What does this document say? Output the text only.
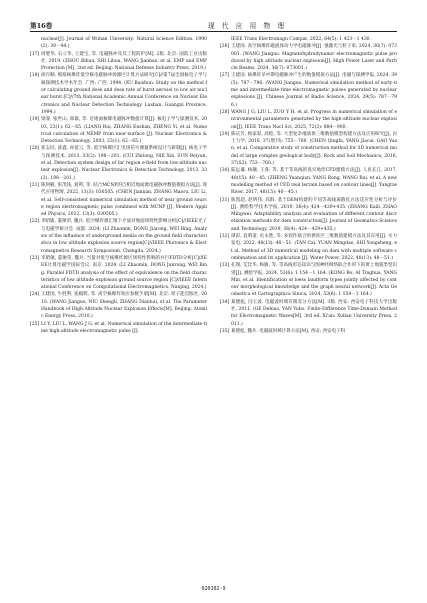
第16卷	现 代 应 用 物 理

nuclear[J]. Journal of Wuhan University: Natural Science Edition. 1990(2): 39－44.)

[17] 周璧华, 石立华, 王建宝, 等. 电磁脉冲及其工程防护[M]. 2版. 北京: 国防工业出版社, 2019. (ZHOU Bihua, SHI Lihua, WANG Jianbao, et al. EMP and EMP Protection [M]. 2nd ed. Beijing: National Defense Industry Press, 2019.)

[18] 徐百顺. 模拟核爆炸低空核电磁脉冲场源区计算方法研究[C]//第7届全国核电子学与核探测技术学术年会. 广西: 广西, 1994. (XU Baishun. Study on the method for calculating ground dose and dose rate of burst aerosol to low air nuclear burst [C]//7th National Academic Annual Conference on Nuclear Electronics and Nuclear Detection Technology. Lushan, Guangxi Province, 1994.)

[19] 梁睿, 张世山, 郑毅, 等. 近地面核爆电磁脉冲数值计算[J]. 核电子学与探测技术, 2003, 23(1): 62－65. (LIANG Rui, ZHANG Enshan, ZHENG Yi, et al. Numerical calculation of NEMP from near-surface [J]. Nuclear Electronics & Detection Technology, 2003, 23(1): 62－65.)

[20] 崔志同, 聂鑫, 孙蓓云, 等. 低空核爆区汇电场信号测量系统设计与研制[J]. 核电子学与探测技术, 2013, 33(2): 198－201. (CUI Zhitong, NIE Xin, SUN Beiyun, et al. Detection system design of far region e-field from low-altitude nuclear explosion[J]. Nuclear Electronics & Detection Technology, 2013, 33(2): 198－201.)

[21] 陈剑楠, 张茂钱, 刘利, 等. 结合MCNP的自相近地面源电磁脉冲数值模拟方法[J]. 现代应用物理, 2022, 13(3): 030505. (CHEN Jiannan, ZHANG Maoru, LIU Li, et al. Self-consistent numerical simulation method of near ground source region electromagnetic pulse combined with MCNP [J]. Modern Applied Physics, 2022, 13(3): 030505.)

[22] 李昭敏, 董俊荣, 魏兵. 低空爆炸源汇地下介质对地面场特性影响分析[C]//IEEE光子与电磁学研讨会. 成都, 2024. (LI Zhaomin, DONG Jiarong, WEI Bing. Analysis of the influence of underground media on the ground field characteristics in low altitude explosion source region[C]//IEEE Photonics & Electromagnetics Research Symposium. Chengdu, 2024.)

[23] 李昭敏, 董俊荣, 魏兵. 当量对低空核爆炸源区场特性影响的并行FDTD分析[C]//IEEE计算电磁学国际会议. 南京, 2024. (LI Zhaomin, DONG Junrong, WEI Bing. Parallel FDTD analysis of the effect of equivalence on the field characteristics of low altitude explosion ground source region [C]//IEEE International Conference on Computational Electromagnetics. Nanjing, 2024.)

[24] 王建国, 牛胜利, 张殿辉, 等. 高空核爆炸效应参数手册[M]. 北京: 原子能出版社, 2010. (WANG Jianguo, NIU Shengli, ZHANG Dianhui, et al. The Parameter Handbook of High-Altitude Nuclear Explosion Effects[M]. Beijing: Atomic Energy Press, 2010.)

[25] LI Y, LIU L, WANG J G, et al. Numerical simulation of the intermediate-time high-altitude electromagnetic pulse [J].

IEEE Trans Electromagn Compat, 2022, 64(5): 1 423－1 430.

[26] 王建国. 高空核爆炸磁流体动力学电磁脉冲[J]. 强激光与粒子束, 2024, 36(7): 073001. (WANG Jianguo. Magnetohydrodynamic electromagnetic pulse produced by high altitude nuclear explosion[J]. High Power Laser and Particle Beams, 2024, 36(7): 073001.)

[27] 王建国. 核爆炸早中期电磁脉冲产生的数值模拟方法[J]. 电磁与探测学报, 2024, 39(5): 787－796. (WANG Jianguo. Numerical simulation method of early-time and intermediate-time electromagnetic pulses generated by nuclear explosions [J]. Chinese Journal of Radio Science, 2024, 39(5): 787－796.)

[28] WANG J G, LIU L, ZUO Y H, et al. Progress in numerical simulation of environmental parameters generated by the high-altitude nuclear explosion[J]. IEEE Trans Nucl Sci, 2025, 72(3): 884－900.

[29] 陈庆芳, 杨家彩, 高绘, 等. 大型复杂地质体三维数值模型构建方法及应用研究[J]. 岩土力学, 2016, 37(增刊): 755－760. (CHEN Qingfa, YANG Jiacai, GAO Yuan, et al. Comparative study of construction method for 3D numerical model of large complex geological body[J]. Rock and Soil Mechanics, 2016, 37(S2): 753－760.)

[30] 陆远谦, 杨灏, 王睿, 等. 基于等高线的真实地形CFD建模方法[J]. 人民长江, 2017, 48(15): 40－45. (ZHENG Yuanqian, YANG Rong, WANG Rui, et al. A new modelling method of CFD real terrain based on contour lines[J]. Yangtze River, 2017, 48(15): 40－45.)

[31] 陈凯超, 赵明伟, 高阳. 基于DEM构建的不同等高线离散化方法适应性分析与评价[J]. 测绘科学技术学报, 2019, 36(4): 424－429+435. (ZHANG Kaili, ZHAO Mingwei. Adaptability analysis and evaluation of different contour discretization methods for dem construction[J]. Journal of Geomatics Science and Technology, 2019, 36(4): 424－429+435.)

[32] 谭彩, 袁明道, 史永胜, 等. 多软件联合的供库区三维数值建模方法及其应用[J]. 水力发电, 2022, 48(13): 48－51. (TAN Cai, YUAN Mingdao, SHI Yongsheng, et al. Method of 3D numerical modeling on dam with multiple software combination and its application [J]. Water Power, 2022, 48(13): 48－51.)

[33] 孔翔, 艾廷华, 杨敏, 等. 等高线形态知识与图神经网络联合作用下的黄土地貌类型识别[J]. 测绘学报, 2024, 53(6): 1 154－1 164. (KONG Bo, AI Tinghua, YANG Min, et al. Identification of loess landform types jointly affected by contour morphological knowledge and the graph neural network[J]. Acta Geodaetica et Cartographica Sinica, 2024, 53(6): 1 154－1 164.)

[34] 葛德彪, 闫玉波. 电磁波时域有限差分方法[M]. 3版. 西安: 西安电子科技大学出版社, 2011. (GE Debiao, YAN Yubo. Finite-Difference Time-Domain Method for Electromagnetic Waves[M]. 3rd ed. Xi'an: Xidian University Press, 2011.)

[35] 葛德彪, 魏兵. 电磁波时域计算方法[M]. 西安: 西安电子科

020102-9
